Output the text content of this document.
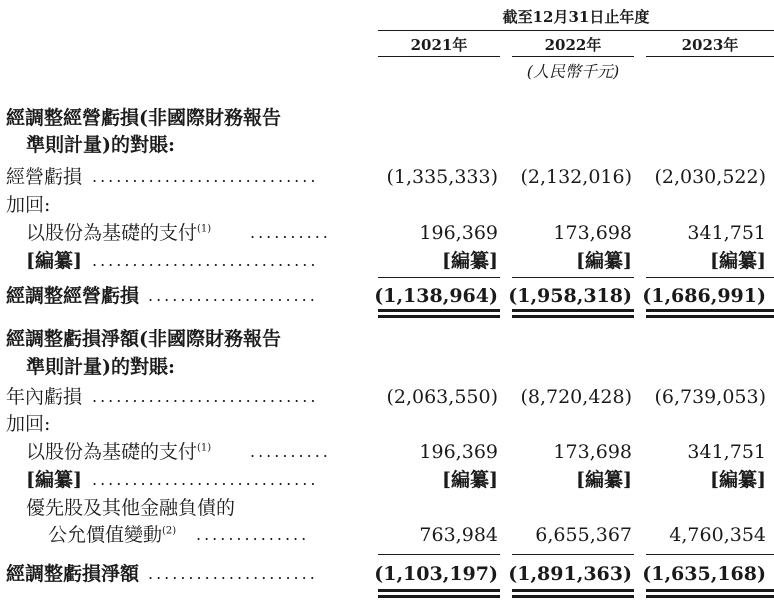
截至12月31日止年度
2021年	2022年	2023年
(人民幣千元)
經調整經營虧損(非國際財務報告
準則計量)的對賬:
經營虧損 ............................	(1,335,333)	(2,132,016)	(2,030,522)
加回:
以股份為基礎的支付$^{(1)}$ ..........	196,369	173,698	341,751
[編纂] ............................	[編纂]	[編纂]	[編纂]
經調整經營虧損 .....................	(1,138,964) (1,958,318) (1,686,991)
經調整虧損淨額(非國際財務報告
準則計量)的對賬:
年內虧損 ............................	(2,063,550)	(8,720,428)	(6,739,053)
加回:
以股份為基礎的支付$^{(1)}$ ..........	196,369	173,698	341,751
[編纂] ............................	[編纂]	[編纂]	[編纂]
優先股及其他金融負債的
公允價值變動$^{(2)}$ ..............	763,984	6,655,367	4,760,354
經調整虧損淨額 .....................	(1,103,197) (1,891,363) (1,635,168)
